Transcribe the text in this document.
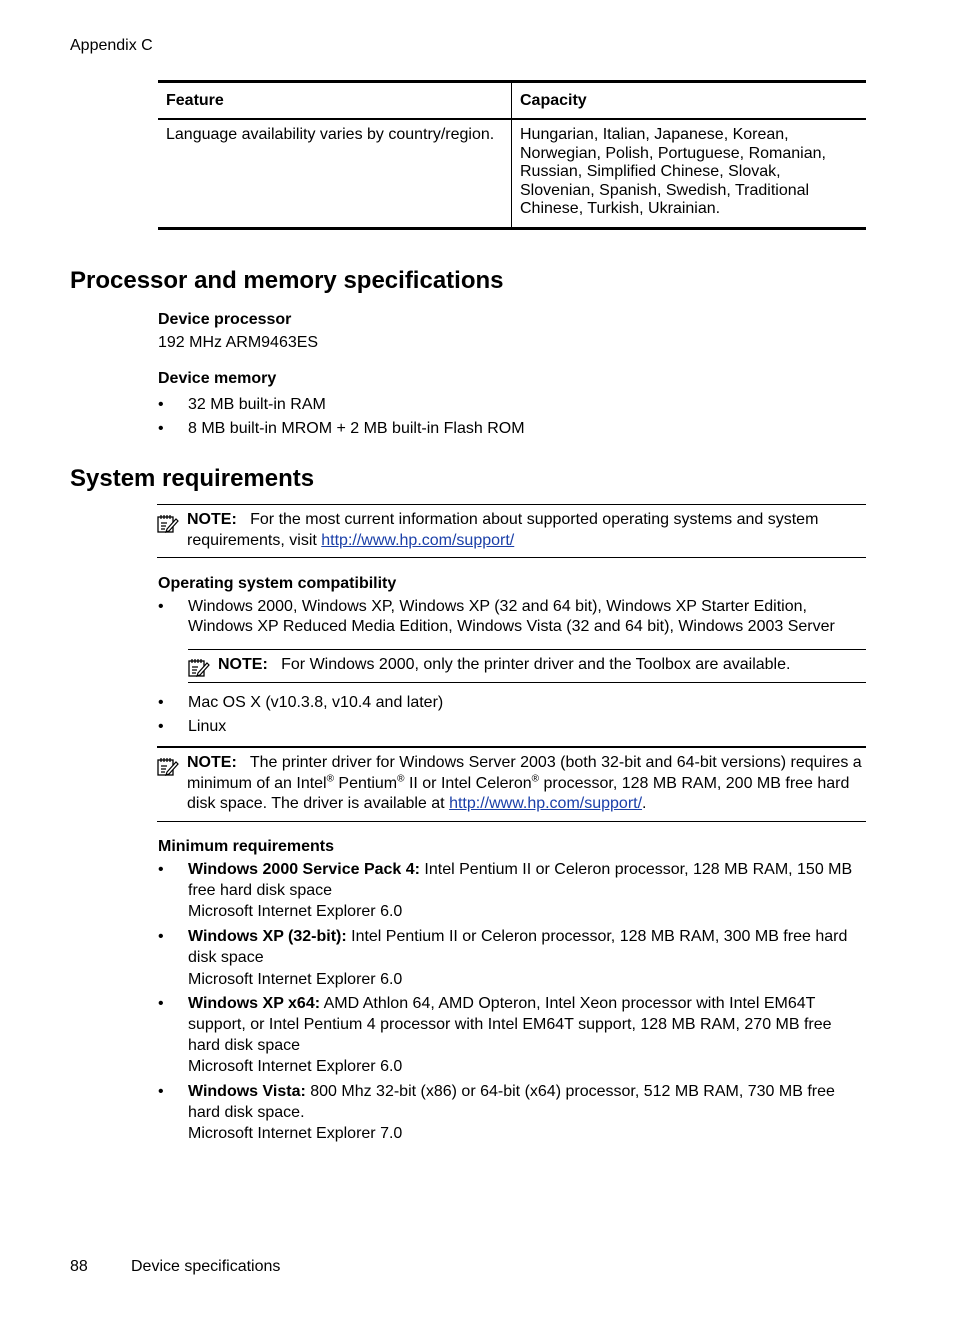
Appendix C
Feature	Capacity
Language availability varies by country/region.	Hungarian, Italian, Japanese, Korean, Norwegian, Polish, Portuguese, Romanian, Russian, Simplified Chinese, Slovak, Slovenian, Spanish, Swedish, Traditional Chinese, Turkish, Ukrainian.
Processor and memory specifications
Device processor
192 MHz ARM9463ES
Device memory
• 32 MB built-in RAM
• 8 MB built-in MROM + 2 MB built-in Flash ROM
System requirements
NOTE: For the most current information about supported operating systems and system requirements, visit http://www.hp.com/support/
Operating system compatibility
• Windows 2000, Windows XP, Windows XP (32 and 64 bit), Windows XP Starter Edition, Windows XP Reduced Media Edition, Windows Vista (32 and 64 bit), Windows 2003 Server
NOTE: For Windows 2000, only the printer driver and the Toolbox are available.
• Mac OS X (v10.3.8, v10.4 and later)
• Linux
NOTE: The printer driver for Windows Server 2003 (both 32-bit and 64-bit versions) requires a minimum of an Intel® Pentium® II or Intel Celeron® processor, 128 MB RAM, 200 MB free hard disk space. The driver is available at http://www.hp.com/support/.
Minimum requirements
• Windows 2000 Service Pack 4: Intel Pentium II or Celeron processor, 128 MB RAM, 150 MB free hard disk space
Microsoft Internet Explorer 6.0
• Windows XP (32-bit): Intel Pentium II or Celeron processor, 128 MB RAM, 300 MB free hard disk space
Microsoft Internet Explorer 6.0
• Windows XP x64: AMD Athlon 64, AMD Opteron, Intel Xeon processor with Intel EM64T support, or Intel Pentium 4 processor with Intel EM64T support, 128 MB RAM, 270 MB free hard disk space
Microsoft Internet Explorer 6.0
• Windows Vista: 800 Mhz 32-bit (x86) or 64-bit (x64) processor, 512 MB RAM, 730 MB free hard disk space.
Microsoft Internet Explorer 7.0
88	Device specifications
